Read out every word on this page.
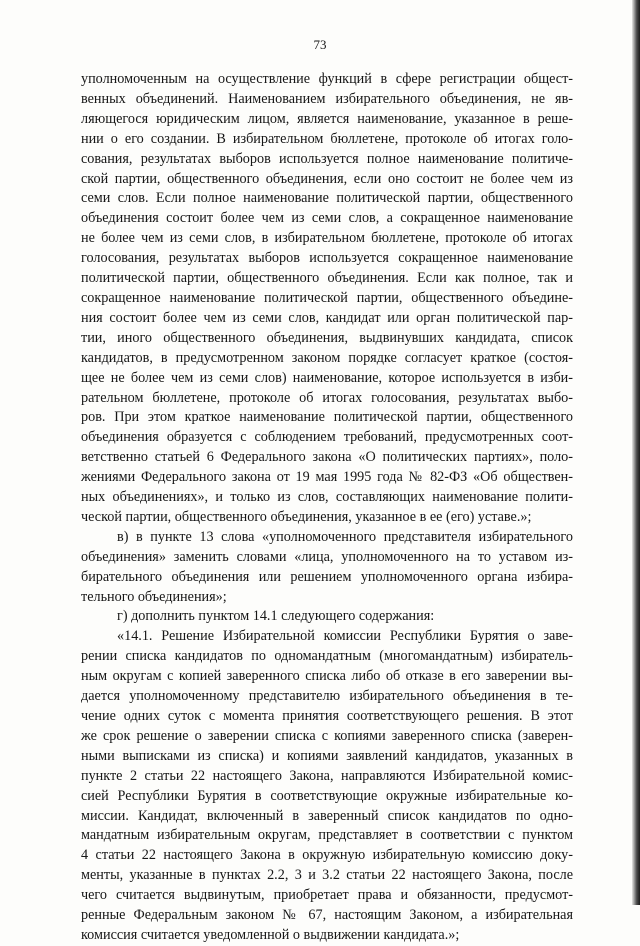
73

уполномоченным на осуществление функций в сфере регистрации общест-

венных объединений. Наименованием избирательного объединения, не яв-

ляющегося юридическим лицом, является наименование, указанное в реше-

нии о его создании. В избирательном бюллетене, протоколе об итогах голо-

сования, результатах выборов используется полное наименование политиче-

ской партии, общественного объединения, если оно состоит не более чем из

семи слов. Если полное наименование политической партии, общественного

объединения состоит более чем из семи слов, а сокращенное наименование

не более чем из семи слов, в избирательном бюллетене, протоколе об итогах

голосования, результатах выборов используется сокращенное наименование

политической партии, общественного объединения. Если как полное, так и

сокращенное наименование политической партии, общественного объедине-

ния состоит более чем из семи слов, кандидат или орган политической пар-

тии, иного общественного объединения, выдвинувших кандидата, список

кандидатов, в предусмотренном законом порядке согласует краткое (состоя-

щее не более чем из семи слов) наименование, которое используется в изби-

рательном бюллетене, протоколе об итогах голосования, результатах выбо-

ров. При этом краткое наименование политической партии, общественного

объединения образуется с соблюдением требований, предусмотренных соот-

ветственно статьей 6 Федерального закона «О политических партиях», поло-

жениями Федерального закона от 19 мая 1995 года № 82-ФЗ «Об обществен-

ных объединениях», и только из слов, составляющих наименование полити-

ческой партии, общественного объединения, указанное в ее (его) уставе.»;

в) в пункте 13 слова «уполномоченного представителя избирательного

объединения» заменить словами «лица, уполномоченного на то уставом из-

бирательного объединения или решением уполномоченного органа избира-

тельного объединения»;

г) дополнить пунктом 14.1 следующего содержания:

«14.1. Решение Избирательной комиссии Республики Бурятия о заве-

рении списка кандидатов по одномандатным (многомандатным) избиратель-

ным округам с копией заверенного списка либо об отказе в его заверении вы-

дается уполномоченному представителю избирательного объединения в те-

чение одних суток с момента принятия соответствующего решения. В этот

же срок решение о заверении списка с копиями заверенного списка (заверен-

ными выписками из списка) и копиями заявлений кандидатов, указанных в

пункте 2 статьи 22 настоящего Закона, направляются Избирательной комис-

сией Республики Бурятия в соответствующие окружные избирательные ко-

миссии. Кандидат, включенный в заверенный список кандидатов по одно-

мандатным избирательным округам, представляет в соответствии с пунктом

4 статьи 22 настоящего Закона в окружную избирательную комиссию доку-

менты, указанные в пунктах 2.2, 3 и 3.2 статьи 22 настоящего Закона, после

чего считается выдвинутым, приобретает права и обязанности, предусмот-

ренные Федеральным законом № 67, настоящим Законом, а избирательная

комиссия считается уведомленной о выдвижении кандидата.»;
